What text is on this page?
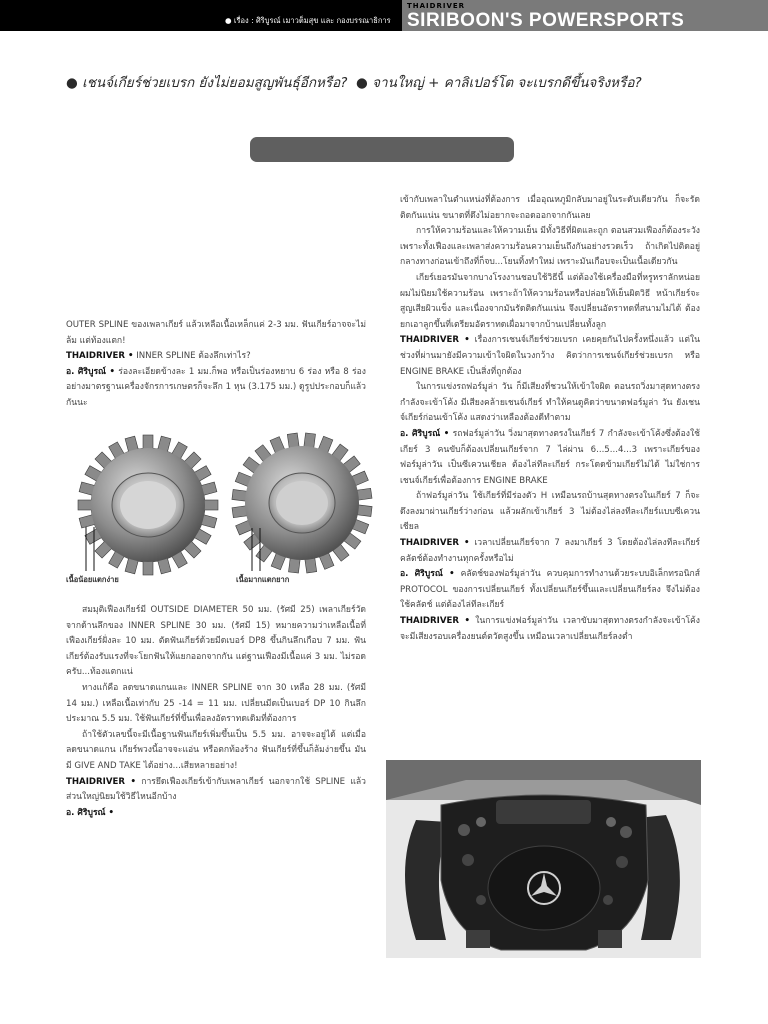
● เรื่อง : ศิริบูรณ์ เมาวต็มสุข และ กองบรรณาธิการ
THAIDRIVER
SIRIBOON'S POWERSPORTS
● เชนจ์เกียร์ช่วยเบรก ยังไม่ยอมสูญพันธุ์อีกหรือ? ● จานใหญ่ + คาลิเปอร์โต จะเบรกดีขึ้นจริงหรือ?

OUTER SPLINE ของเพลาเกียร์ แล้วเหลือเนื้อเหล็กแค่ 2-3 มม. ฟันเกียร์อาจจะไม่ล้ม แต่ท้องแตก!

THAIDRIVER • INNER SPLINE ต้องลึกเท่าไร?

อ. ศิริบูรณ์ • ร่องละเอียดข้างละ 1 มม.ก็พอ หรือเป็นร่องหยาบ 6 ร่อง หรือ 8 ร่องอย่างมาตรฐานเครื่องจักรการเกษตรก็จะลึก 1 หุน (3.175 มม.) ดูรูปประกอบก็แล้วกันนะ

เนื้อน้อยแตกง่าย	เนื้อมากแตกยาก

สมมุติเฟืองเกียร์มี OUTSIDE DIAMETER 50 มม. (รัศมี 25) เพลาเกียร์วัดจากด้านลึกของ INNER SPLINE 30 มม. (รัศมี 15) หมายความว่าเหลือเนื้อที่เฟืองเกียร์ฝั่งละ 10 มม. ตัดฟันเกียร์ด้วยมีดเบอร์ DP8 ขึ้นกินลึกเกือบ 7 มม. ฟันเกียร์ต้องรับแรงที่จะโยกฟันให้แยกออกจากกัน แต่ฐานเฟืองมีเนื้อแค่ 3 มม. ไม่รอดครับ...ท้องแตกแน่

ทางแก้คือ ลดขนาดแกนและ INNER SPLINE จาก 30 เหลือ 28 มม. (รัศมี 14 มม.) เหลือเนื้อเท่ากับ 25 -14 = 11 มม. เปลี่ยนมีดเป็นเบอร์ DP 10 กินลึกประมาณ 5.5 มม. ใช้ฟันเกียร์ที่ขึ้นเพื่อลงอัตราทดเดิมที่ต้องการ

ถ้าใช้ตัวเลขนี้จะมีเนื้อฐานฟันเกียร์เพิ่มขึ้นเป็น 5.5 มม. อาจจะอยู่ได้ แต่เมื่อลดขนาดแกน เกียร์พวงนี้อาจจะแอ่น หรือตกท้องร้าง ฟันเกียร์ที่ขึ้นก็ล้มง่ายขึ้น มันมี GIVE AND TAKE ได้อย่าง...เสียหลายอย่าง!

THAIDRIVER • การยึดเฟืองเกียร์เข้ากับเพลาเกียร์ นอกจากใช้ SPLINE แล้ว ส่วนใหญ่นิยมใช้วิธีไหนอีกบ้าง

อ. ศิริบูรณ์ •

เข้ากับเพลาในตำแหน่งที่ต้องการ เมื่ออุณหภูมิกลับมาอยู่ในระดับเดียวกัน ก็จะรัดติดกันแน่น ขนาดที่ดึงไม่อยากจะถอดออกจากกันเลย

การให้ความร้อนและให้ความเย็น มีทั้งวิธีที่ผิดและถูก ตอนสวมเฟืองก็ต้องระวัง เพราะทั้งเฟืองและเพลาส่งความร้อนความเย็นถึงกันอย่างรวดเร็ว ถ้าเกิดไปติดอยู่กลางทางก่อนเข้าถึงที่ก็จบ...โยนทิ้งทำใหม่ เพราะมันเกือบจะเป็นเนื้อเดียวกัน

เกียร์เยอรมันจากบางโรงงานชอบใช้วิธีนี้ แต่ต้องใช้เครื่องมือที่หรูหราลักหน่อย ผมไม่นิยมใช้ความร้อน เพราะถ้าให้ความร้อนหรือปล่อยให้เย็นผิดวิธี หน้าเกียร์จะสูญเสียผิวแข็ง และเนื่องจากมันรัดติดกันแน่น จึงเปลี่ยนอัตราทดที่สนามไม่ได้ ต้องยกเอาลูกขึ้นที่เตรียมอัตราทดเผื่อมาจากบ้านเปลี่ยนทั้งลูก

THAIDRIVER • เรื่องการเชนจ์เกียร์ช่วยเบรก เคยคุยกันไปครั้งหนึ่งแล้ว แต่ในช่วงที่ผ่านมายังมีความเข้าใจผิดในวงกว้าง คิดว่าการเชนจ์เกียร์ช่วยเบรก หรือ ENGINE BRAKE เป็นสิ่งที่ถูกต้อง

ในการแข่งรถฟอร์มูล่า วัน ก็มีเสียงที่ชวนให้เข้าใจผิด ตอนรถวิ่งมาสุดทางตรงกำลังจะเข้าโค้ง มีเสียงคล้ายเชนจ์เกียร์ ทำให้คนดูคิดว่าขนาดฟอร์มูล่า วัน ยังเชนจ์เกียร์ก่อนเข้าโค้ง แสดงว่าเหลืองต้องดีทำตาม

อ. ศิริบูรณ์ • รถฟอร์มูล่าวัน วิ่งมาสุดทางตรงในเกียร์ 7 กำลังจะเข้าโค้งซึ่งต้องใช้เกียร์ 3 คนขับก็ต้องเปลี่ยนเกียร์จาก 7 ไล่ผ่าน 6...5...4...3 เพราะเกียร์ของฟอร์มูล่าวัน เป็นซีเควนเชียล ต้องไล่ทีละเกียร์ กระโดดข้ามเกียร์ไม่ได้ ไม่ใช่การเชนจ์เกียร์เพื่อต้องการ ENGINE BRAKE

ถ้าฟอร์มูล่าวัน ใช้เกียร์ที่มีร่องตัว H เหมือนรถบ้านสุดทางตรงในเกียร์ 7 ก็จะดึงลงมาผ่านเกียร์ว่างก่อน แล้วผลักเข้าเกียร์ 3 ไม่ต้องไล่ลงทีละเกียร์แบบซีเควนเชียล

THAIDRIVER • เวลาเปลี่ยนเกียร์จาก 7 ลงมาเกียร์ 3 โดยต้องไล่ลงทีละเกียร์ คลัตช์ต้องทำงานทุกครั้งหรือไม่

อ. ศิริบูรณ์ • คลัตช์ของฟอร์มูล่าวัน ควบคุมการทำงานด้วยระบบอิเล็กทรอนิกส์ PROTOCOL ของการเปลี่ยนเกียร์ ทั้งเปลี่ยนเกียร์ขึ้นและเปลี่ยนเกียร์ลง จึงไม่ต้องใช้คลัตช์ แต่ต้องไล่ทีละเกียร์

THAIDRIVER • ในการแข่งฟอร์มูล่าวัน เวลาขับมาสุดทางตรงกำลังจะเข้าโค้ง จะมีเสียงรอบเครื่องยนต์ตวัดสูงขึ้น เหมือนเวลาเปลี่ยนเกียร์ลงต่ำ
